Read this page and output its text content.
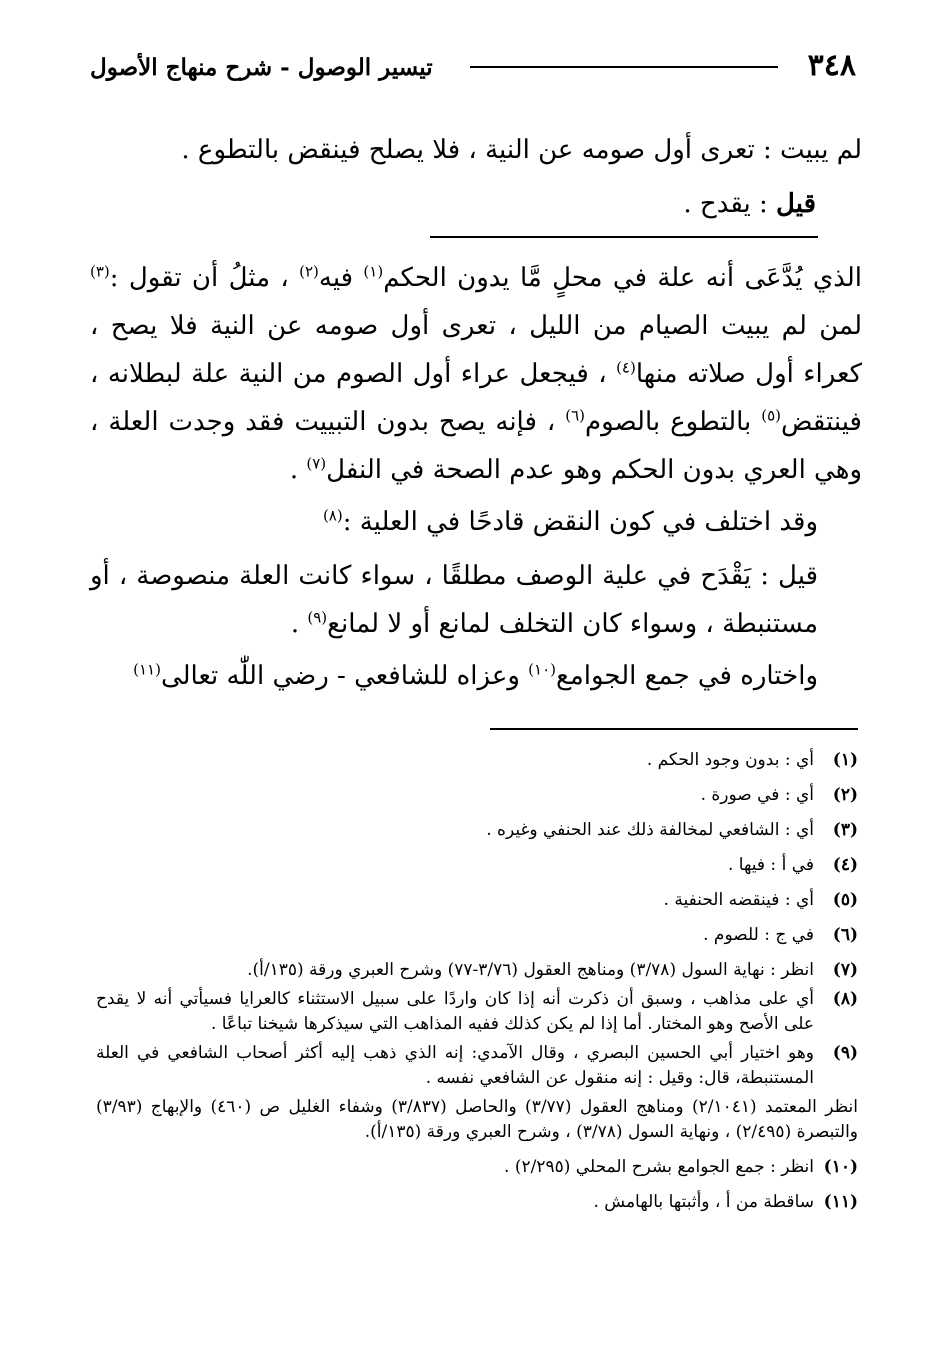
٣٤٨
تيسير الوصول - شرح منهاج الأصول

لم يبيت : تعرى أول صومه عن النية ، فلا يصلح فينقض بالتطوع .

قيل : يقدح .

الذي يُدَّعَى أنه علة في محلٍ مَّا يدون الحكم$^{(١)}$ فيه$^{(٢)}$ ، مثلُ أن تقول :$^{(٣)}$ لمن لم يبيت الصيام من الليل ، تعرى أول صومه عن النية فلا يصح ، كعراء أول صلاته منها$^{(٤)}$ ، فيجعل عراء أول الصوم من النية علة لبطلانه ، فينتقض$^{(٥)}$ بالتطوع بالصوم$^{(٦)}$ ، فإنه يصح بدون التبييت فقد وجدت العلة ، وهي العري بدون الحكم وهو عدم الصحة في النفل$^{(٧)}$ .

وقد اختلف في كون النقض قادحًا في العلية :$^{(٨)}$

قيل : يَقْدَح في علية الوصف مطلقًا ، سواء كانت العلة منصوصة ، أو مستنبطة ، وسواء كان التخلف لمانع أو لا لمانع$^{(٩)}$ .

واختاره في جمع الجوامع$^{(١٠)}$ وعزاه للشافعي - رضي اللّٰه تعالى$^{(١١)}$

(١)
أي : بدون وجود الحكم .
(٢)
أي : في صورة .
(٣)
أي : الشافعي لمخالفة ذلك عند الحنفي وغيره .
(٤)
في أ : فيها .
(٥)
أي : فينقضه الحنفية .
(٦)
في ج : للصوم .
(٧)
انظر : نهاية السول (٣/٧٨) ومناهج العقول (٣/٧٦-٧٧) وشرح العبري ورقة (١٣٥/أ).
(٨)
أي على مذاهب ، وسبق أن ذكرت أنه إذا كان واردًا على سبيل الاستثناء كالعرايا فسيأتي أنه لا يقدح على الأصح وهو المختار. أما إذا لم يكن كذلك ففيه المذاهب التي سيذكرها شيخنا تباعًا .
(٩)
وهو اختيار أبي الحسين البصري ، وقال الآمدي: إنه الذي ذهب إليه أكثر أصحاب الشافعي في العلة المستنبطة، قال: وقيل : إنه منقول عن الشافعي نفسه .
انظر المعتمد (٢/١٠٤١) ومناهج العقول (٣/٧٧) والحاصل (٣/٨٣٧) وشفاء الغليل ص (٤٦٠) والإبهاج (٣/٩٣) والتبصرة (٢/٤٩٥) ، ونهاية السول (٣/٧٨) ، وشرح العبري ورقة (١٣٥/أ).
(١٠)
انظر : جمع الجوامع بشرح المحلي (٢/٢٩٥) .
(١١)
ساقطة من أ ، وأثبتها بالهامش .
